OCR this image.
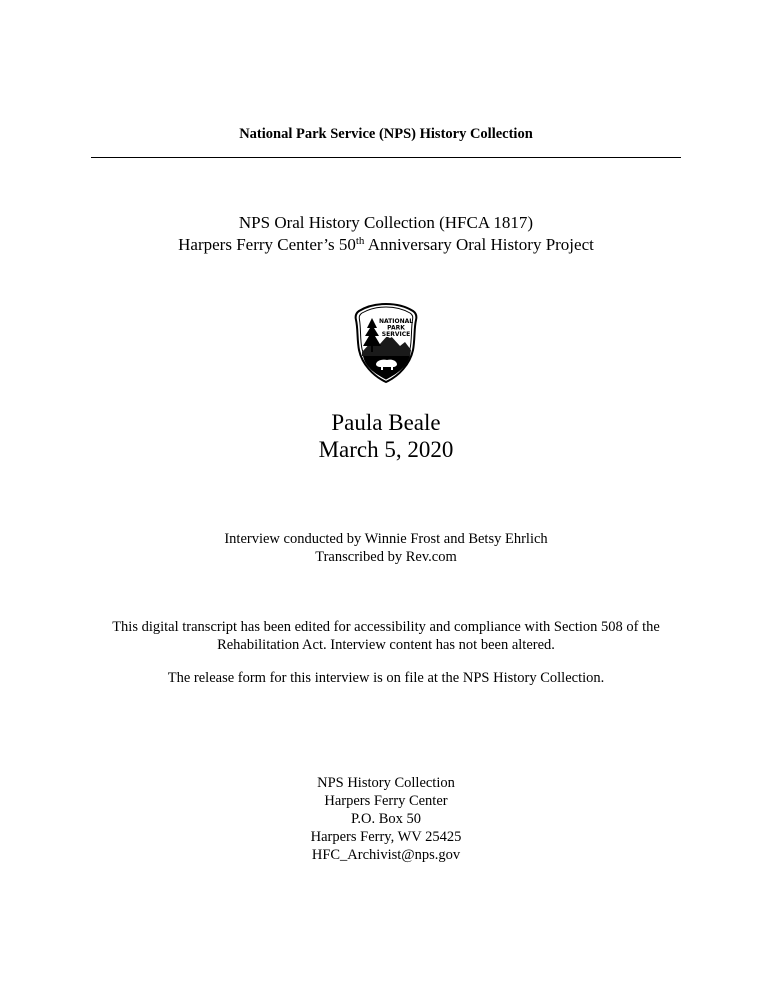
National Park Service (NPS) History Collection
NPS Oral History Collection (HFCA 1817)
Harpers Ferry Center’s 50th Anniversary Oral History Project
NATIONAL
PARK
SERVICE
Paula Beale
March 5, 2020
Interview conducted by Winnie Frost and Betsy Ehrlich
Transcribed by Rev.com
This digital transcript has been edited for accessibility and compliance with Section 508 of the
Rehabilitation Act. Interview content has not been altered.
The release form for this interview is on file at the NPS History Collection.
NPS History Collection
Harpers Ferry Center
P.O. Box 50
Harpers Ferry, WV 25425
HFC_Archivist@nps.gov
